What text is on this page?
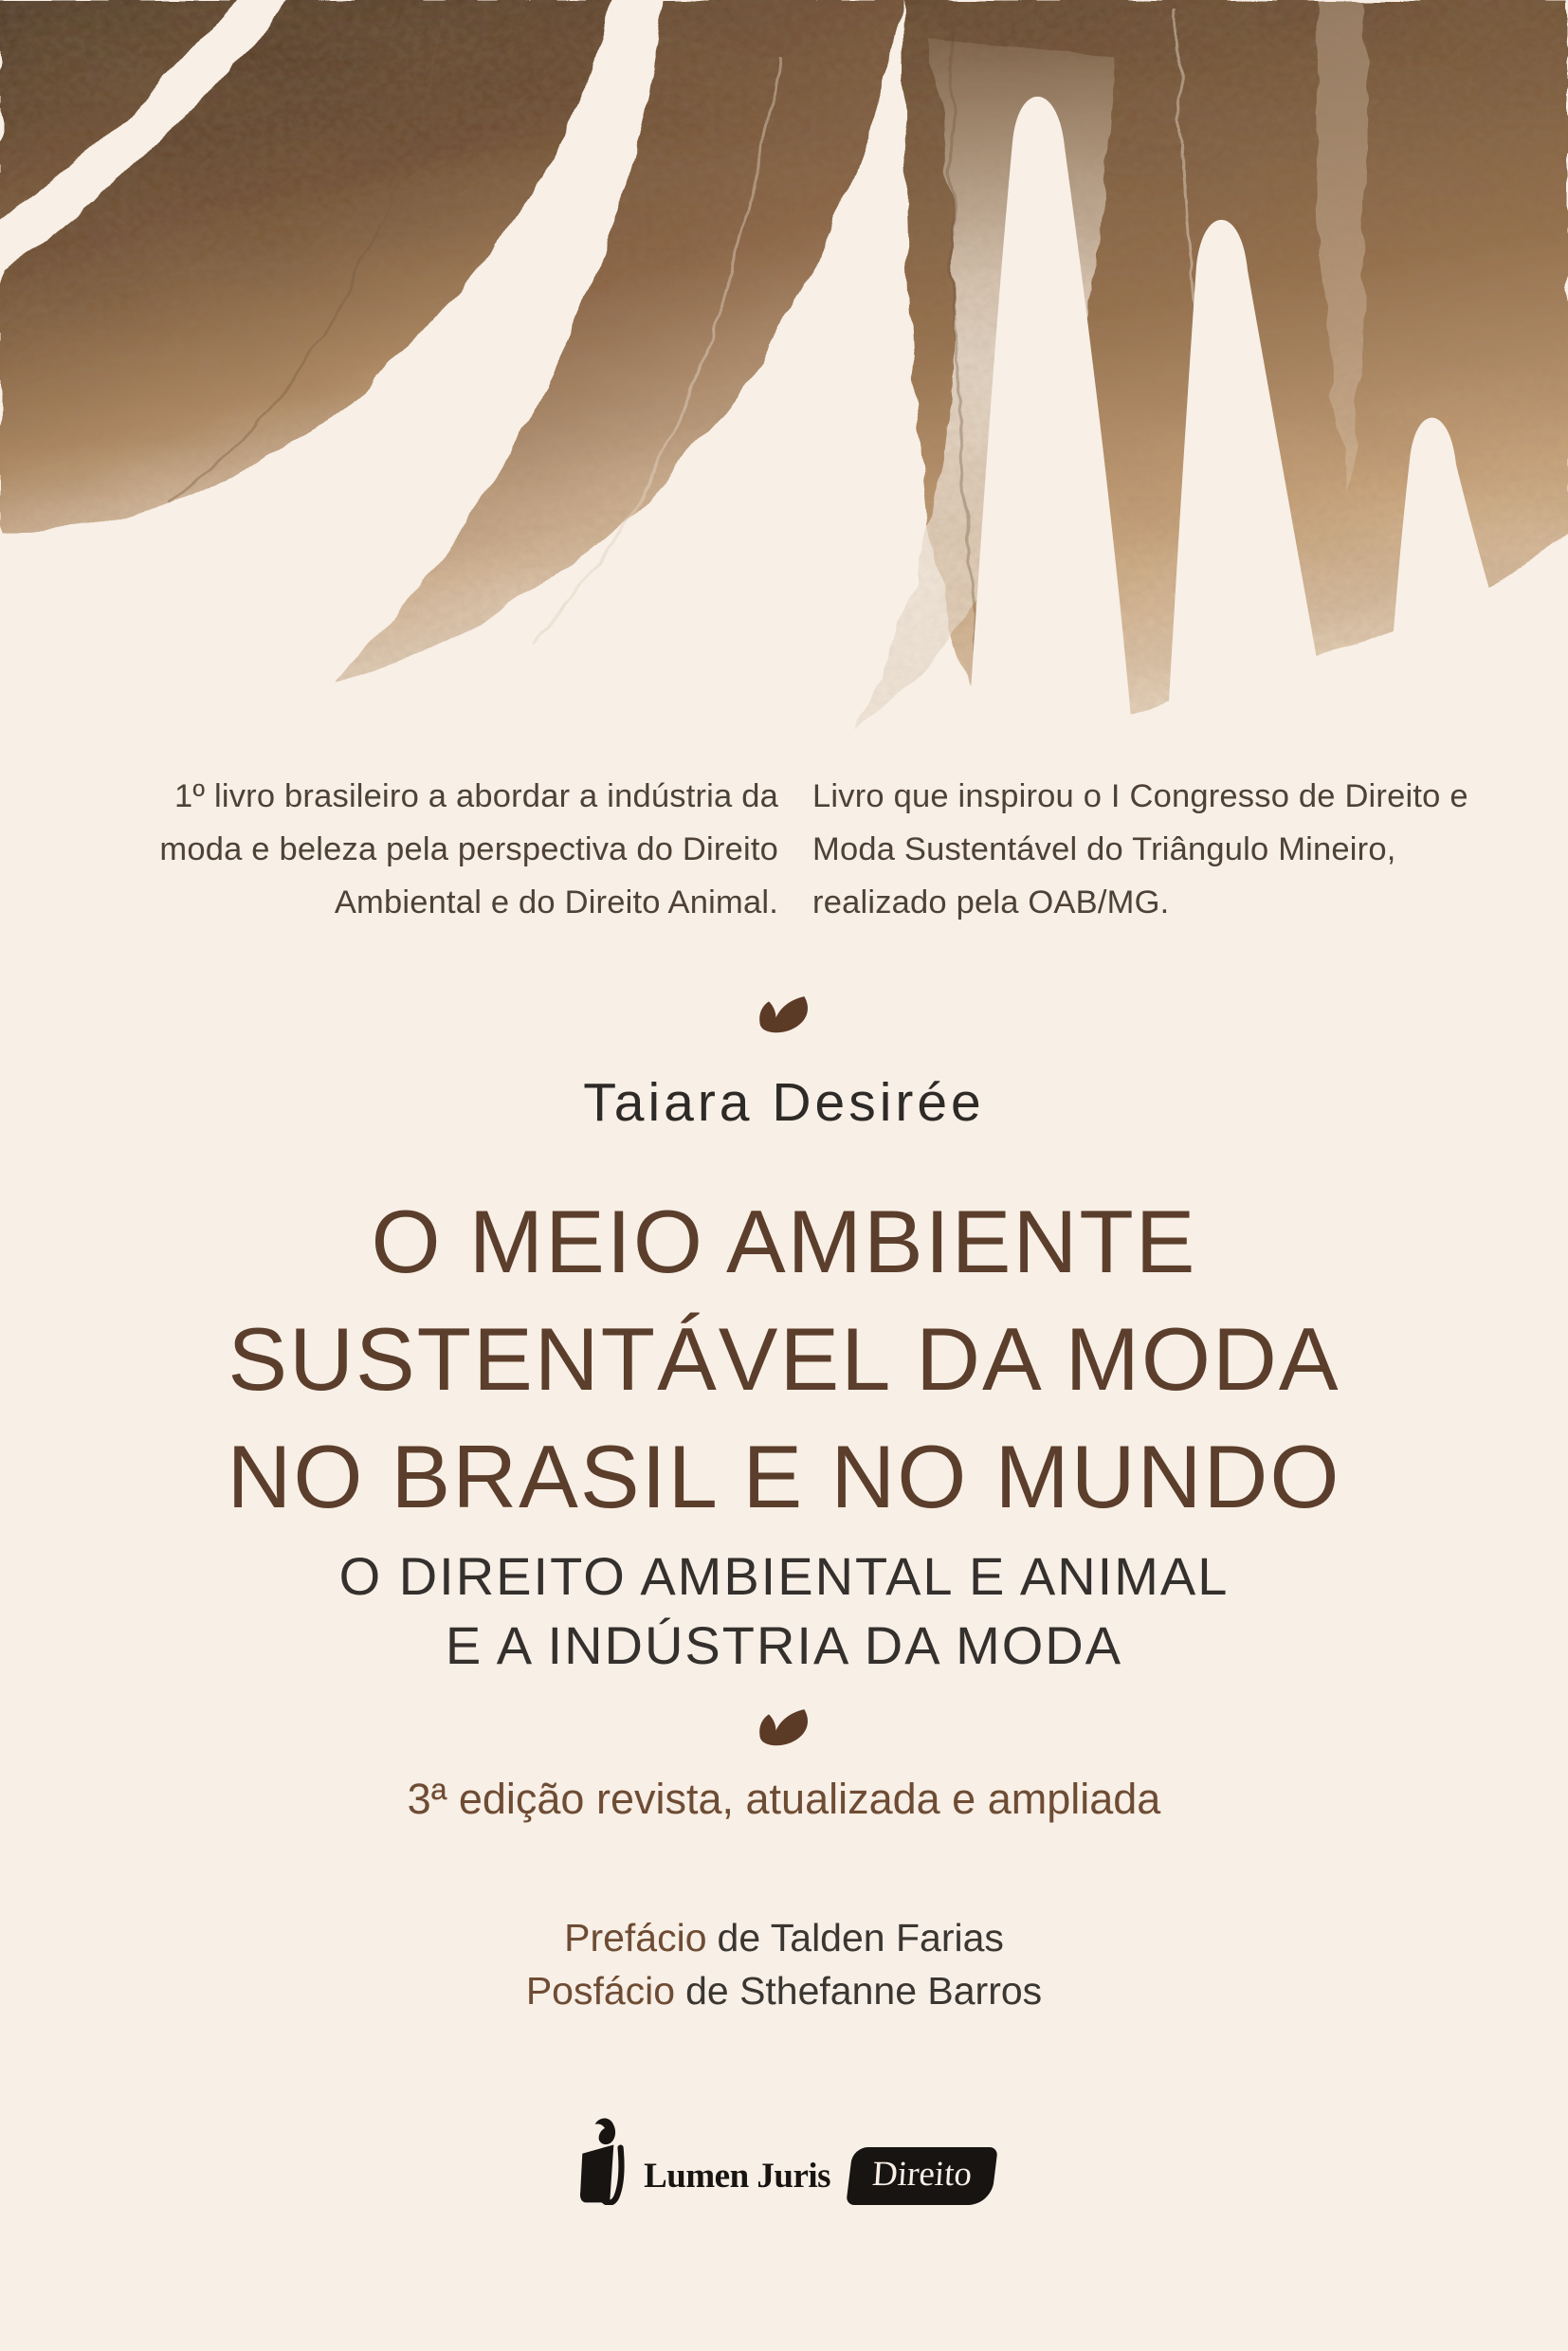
1º livro brasileiro a abordar a indústria da moda e beleza pela perspectiva do Direito Ambiental e do Direito Animal.
Livro que inspirou o I Congresso de Direito e Moda Sustentável do Triângulo Mineiro, realizado pela OAB/MG.
Taiara Desirée
O MEIO AMBIENTE
SUSTENTÁVEL DA MODA
NO BRASIL E NO MUNDO
O DIREITO AMBIENTAL E ANIMAL
E A INDÚSTRIA DA MODA
3ª edição revista, atualizada e ampliada
Prefácio de Talden Farias
Posfácio de Sthefanne Barros
Lumen Juris	Direito
